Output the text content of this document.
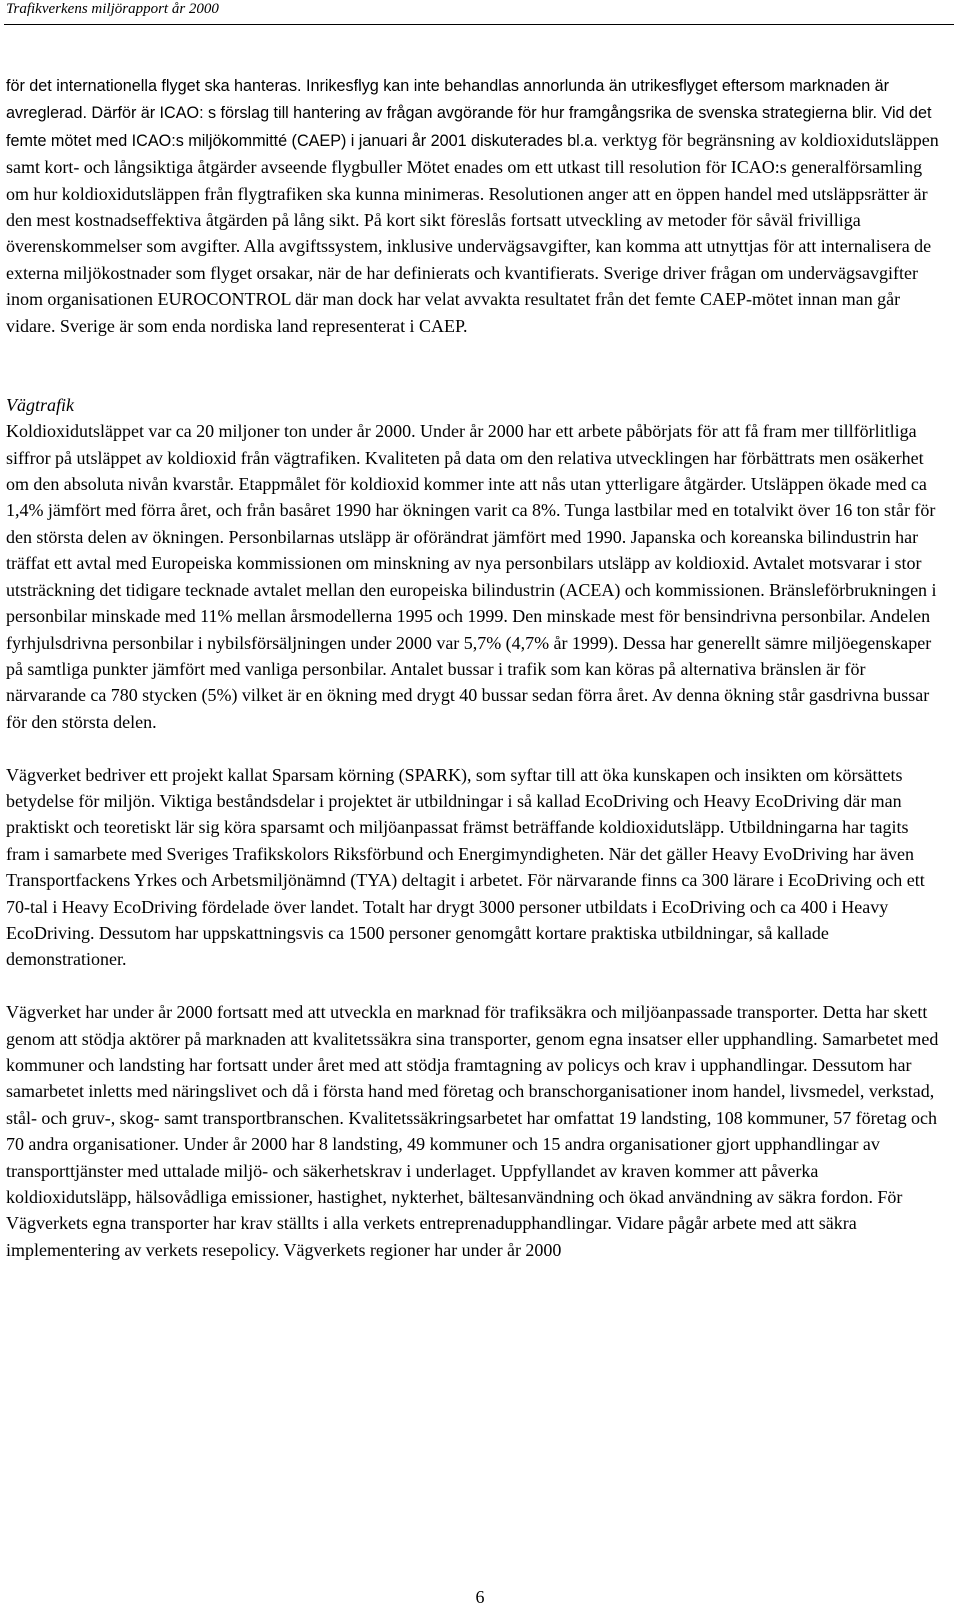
Trafikverkens miljörapport år 2000

för det internationella flyget ska hanteras. Inrikesflyg kan inte behandlas annorlunda än utrikesflyget eftersom marknaden är avreglerad. Därför är ICAO: s förslag till hantering av frågan avgörande för hur framgångsrika de svenska strategierna blir. Vid det femte mötet med ICAO:s miljökommitté (CAEP) i januari år 2001 diskuterades bl.a. verktyg för begränsning av koldioxidutsläppen samt kort- och långsiktiga åtgärder avseende flygbuller Mötet enades om ett utkast till resolution för ICAO:s generalförsamling om hur koldioxidutsläppen från flygtrafiken ska kunna minimeras. Resolutionen anger att en öppen handel med utsläppsrätter är den mest kostnadseffektiva åtgärden på lång sikt. På kort sikt föreslås fortsatt utveckling av metoder för såväl frivilliga överenskommelser som avgifter. Alla avgiftssystem, inklusive undervägsavgifter, kan komma att utnyttjas för att internalisera de externa miljökostnader som flyget orsakar, när de har definierats och kvantifierats. Sverige driver frågan om undervägsavgifter inom organisationen EUROCONTROL där man dock har velat avvakta resultatet från det femte CAEP-mötet innan man går vidare. Sverige är som enda nordiska land representerat i CAEP.

Vägtrafik

Koldioxidutsläppet var ca 20 miljoner ton under år 2000. Under år 2000 har ett arbete påbörjats för att få fram mer tillförlitliga siffror på utsläppet av koldioxid från vägtrafiken. Kvaliteten på data om den relativa utvecklingen har förbättrats men osäkerhet om den absoluta nivån kvarstår. Etappmålet för koldioxid kommer inte att nås utan ytterligare åtgärder. Utsläppen ökade med ca 1,4% jämfört med förra året, och från basåret 1990 har ökningen varit ca 8%. Tunga lastbilar med en totalvikt över 16 ton står för den största delen av ökningen. Personbilarnas utsläpp är oförändrat jämfört med 1990. Japanska och koreanska bilindustrin har träffat ett avtal med Europeiska kommissionen om minskning av nya personbilars utsläpp av koldioxid. Avtalet motsvarar i stor utsträckning det tidigare tecknade avtalet mellan den europeiska bilindustrin (ACEA) och kommissionen. Bränsleförbrukningen i personbilar minskade med 11% mellan årsmodellerna 1995 och 1999. Den minskade mest för bensindrivna personbilar. Andelen fyrhjulsdrivna personbilar i nybilsförsäljningen under 2000 var 5,7% (4,7% år 1999). Dessa har generellt sämre miljöegenskaper på samtliga punkter jämfört med vanliga personbilar. Antalet bussar i trafik som kan köras på alternativa bränslen är för närvarande ca 780 stycken (5%) vilket är en ökning med drygt 40 bussar sedan förra året. Av denna ökning står gasdrivna bussar för den största delen.

Vägverket bedriver ett projekt kallat Sparsam körning (SPARK), som syftar till att öka kunskapen och insikten om körsättets betydelse för miljön. Viktiga beståndsdelar i projektet är utbildningar i så kallad EcoDriving och Heavy EcoDriving där man praktiskt och teoretiskt lär sig köra sparsamt och miljöanpassat främst beträffande koldioxidutsläpp. Utbildningarna har tagits fram i samarbete med Sveriges Trafikskolors Riksförbund och Energimyndigheten. När det gäller Heavy EvoDriving har även Transportfackens Yrkes och Arbetsmiljönämnd (TYA) deltagit i arbetet. För närvarande finns ca 300 lärare i EcoDriving och ett 70-tal i Heavy EcoDriving fördelade över landet. Totalt har drygt 3000 personer utbildats i EcoDriving och ca 400 i Heavy EcoDriving. Dessutom har uppskattningsvis ca 1500 personer genomgått kortare praktiska utbildningar, så kallade demonstrationer.

Vägverket har under år 2000 fortsatt med att utveckla en marknad för trafiksäkra och miljöanpassade transporter. Detta har skett genom att stödja aktörer på marknaden att kvalitetssäkra sina transporter, genom egna insatser eller upphandling. Samarbetet med kommuner och landsting har fortsatt under året med att stödja framtagning av policys och krav i upphandlingar. Dessutom har samarbetet inletts med näringslivet och då i första hand med företag och branschorganisationer inom handel, livsmedel, verkstad, stål- och gruv-, skog- samt transportbranschen. Kvalitetssäkringsarbetet har omfattat 19 landsting, 108 kommuner, 57 företag och 70 andra organisationer. Under år 2000 har 8 landsting, 49 kommuner och 15 andra organisationer gjort upphandlingar av transporttjänster med uttalade miljö- och säkerhetskrav i underlaget. Uppfyllandet av kraven kommer att påverka koldioxidutsläpp, hälsovådliga emissioner, hastighet, nykterhet, bältesanvändning och ökad användning av säkra fordon. För Vägverkets egna transporter har krav ställts i alla verkets entreprenadupphandlingar. Vidare pågår arbete med att säkra implementering av verkets resepolicy. Vägverkets regioner har under år 2000

6
